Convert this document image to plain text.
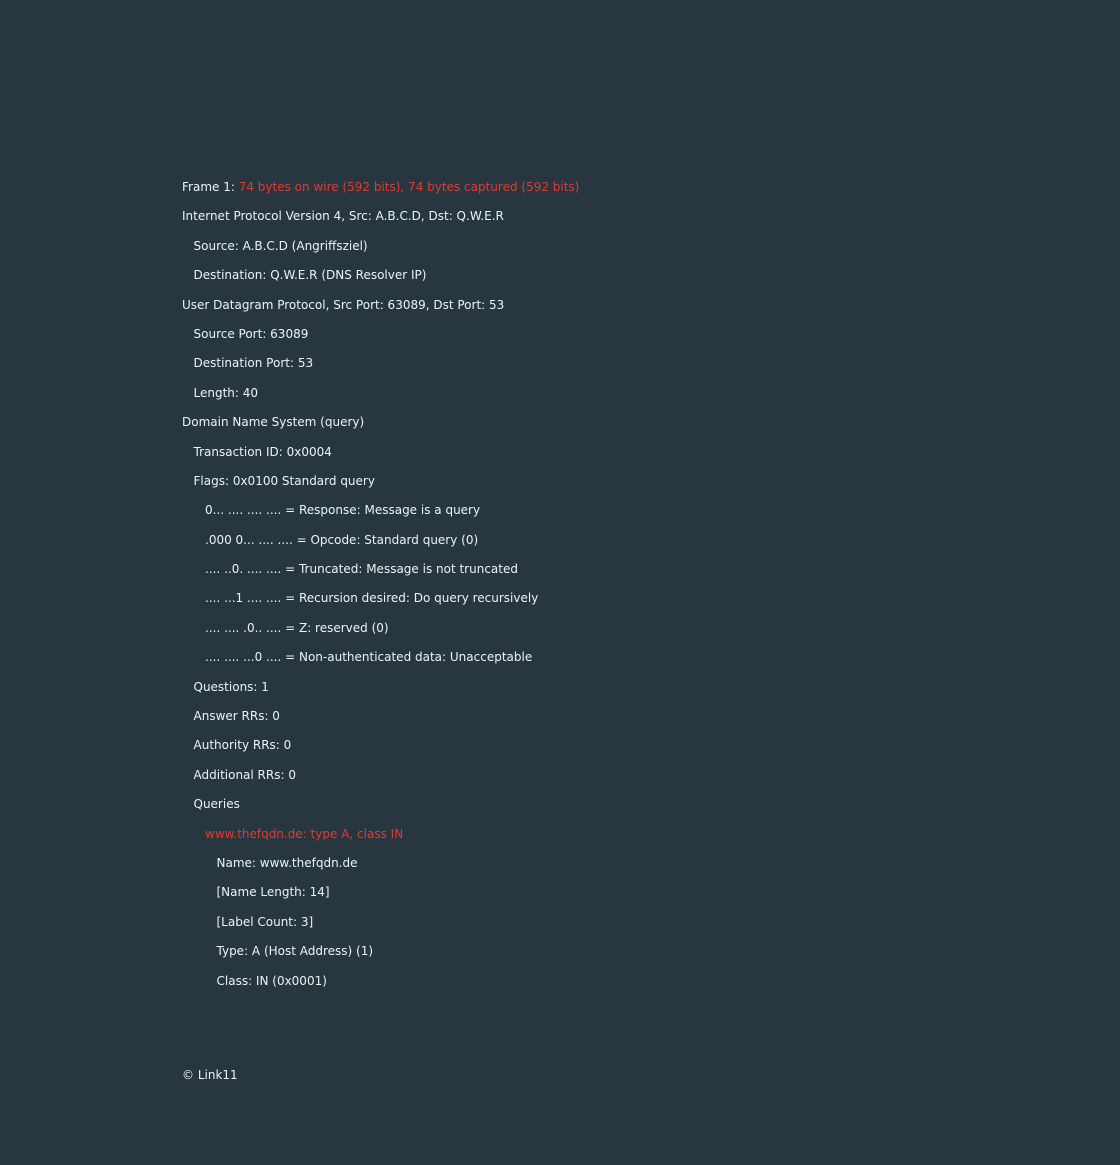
Frame 1: 74 bytes on wire (592 bits), 74 bytes captured (592 bits)
Internet Protocol Version 4, Src: A.B.C.D, Dst: Q.W.E.R
Source: A.B.C.D (Angriffsziel)
Destination: Q.W.E.R (DNS Resolver IP)
User Datagram Protocol, Src Port: 63089, Dst Port: 53
Source Port: 63089
Destination Port: 53
Length: 40
Domain Name System (query)
Transaction ID: 0x0004
Flags: 0x0100 Standard query
0... .... .... .... = Response: Message is a query
.000 0... .... .... = Opcode: Standard query (0)
.... ..0. .... .... = Truncated: Message is not truncated
.... ...1 .... .... = Recursion desired: Do query recursively
.... .... .0.. .... = Z: reserved (0)
.... .... ...0 .... = Non-authenticated data: Unacceptable
Questions: 1
Answer RRs: 0
Authority RRs: 0
Additional RRs: 0
Queries
www.thefqdn.de: type A, class IN
Name: www.thefqdn.de
[Name Length: 14]
[Label Count: 3]
Type: A (Host Address) (1)
Class: IN (0x0001)
© Link11
